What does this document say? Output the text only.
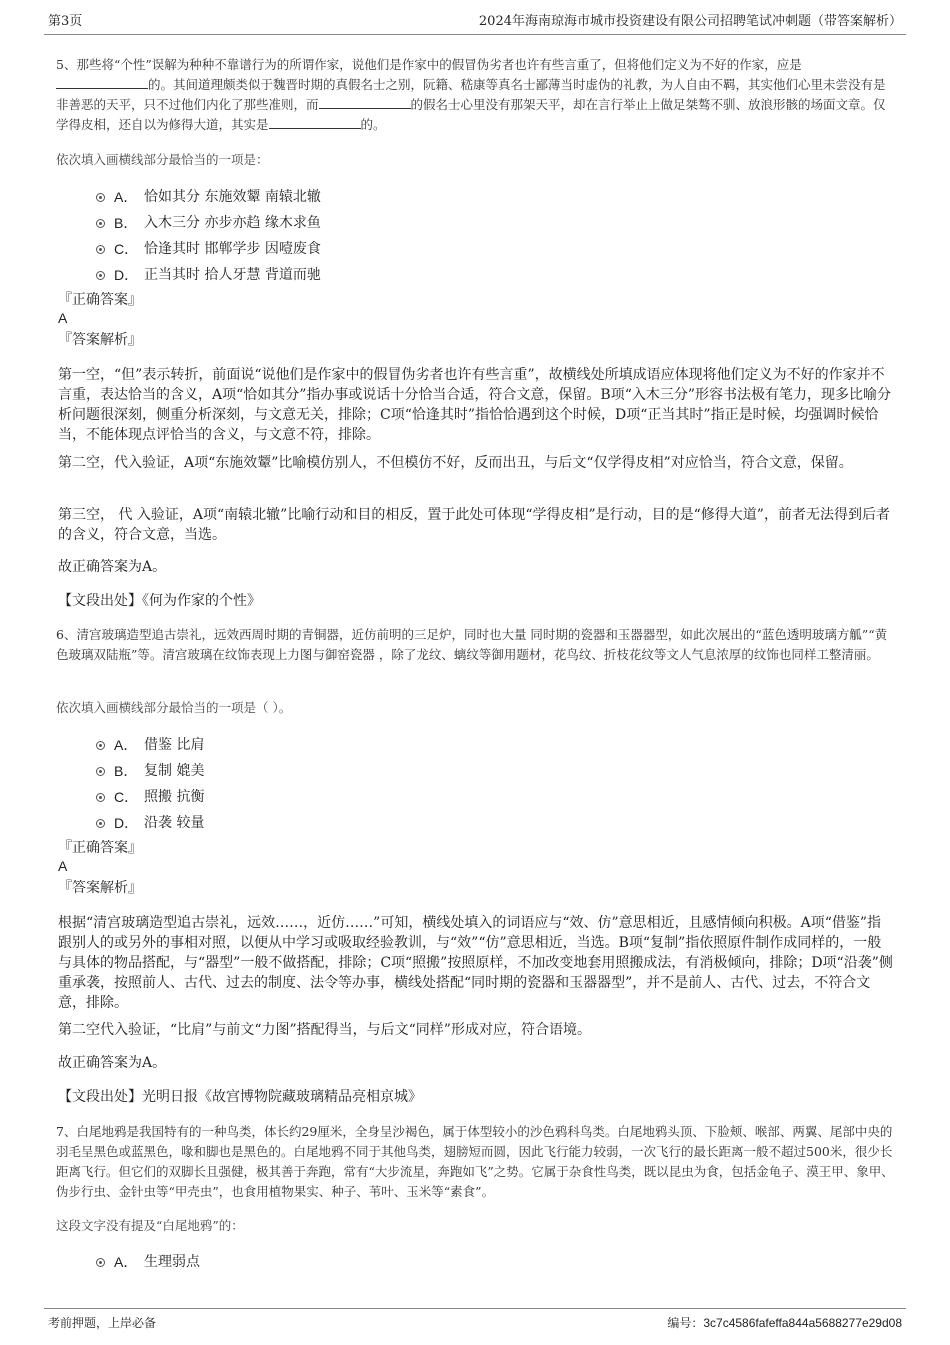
第3页	2024年海南琼海市城市投资建设有限公司招聘笔试冲刺题（带答案解析）

5、那些将“个性”误解为种种不靠谱行为的所谓作家，说他们是作家中的假冒伪劣者也许有些言重了，但将他们定义为不好的作家，应是
的。其间道理颇类似于魏晋时期的真假名士之别，阮籍、嵇康等真名士鄙薄当时虚伪的礼教，为人自由不羁，其实他们心里未尝没有是非善恶的天平，只不过他们内化了那些准则，而	的假名士心里没有那架天平，却在言行举止上做足桀骜不驯、放浪形骸的场面文章。仅学得皮相，还自以为修得大道，其实是	的。

依次填入画横线部分最恰当的一项是：

A． 恰如其分 东施效颦 南辕北辙
B． 入木三分 亦步亦趋 缘木求鱼
C． 恰逢其时 邯郸学步 因噎废食
D． 正当其时 拾人牙慧 背道而驰

『正确答案』

A

『答案解析』

第一空，“但”表示转折，前面说“说他们是作家中的假冒伪劣者也许有些言重”，故横线处所填成语应体现将他们定义为不好的作家并不言重，表达恰当的含义，A项“恰如其分”指办事或说话十分恰当合适，符合文意，保留。B项“入木三分”形容书法极有笔力，现多比喻分析问题很深刻，侧重分析深刻，与文意无关，排除；C项“恰逢其时”指恰恰遇到这个时候，D项“正当其时”指正是时候，均强调时候恰当，不能体现点评恰当的含义，与文意不符，排除。

第二空，代入验证，A项“东施效颦”比喻模仿别人，不但模仿不好，反而出丑，与后文“仅学得皮相”对应恰当，符合文意，保留。

第三空， 代 入验证，A项“南辕北辙”比喻行动和目的相反，置于此处可体现“学得皮相”是行动，目的是“修得大道”，前者无法得到后者的含义，符合文意，当选。

故正确答案为A。

【文段出处】《何为作家的个性》

6、清宫玻璃造型追古崇礼，远效西周时期的青铜器，近仿前明的三足炉，同时也大量 同时期的瓷器和玉器器型，如此次展出的“蓝色透明玻璃方觚”“黄色玻璃双陆瓶”等。清宫玻璃在纹饰表现上力图与御窑瓷器 ，除了龙纹、螭纹等御用题材，花鸟纹、折枝花纹等文人气息浓厚的纹饰也同样工整清丽。

依次填入画横线部分最恰当的一项是（ ）。

A． 借鉴 比肩
B． 复制 媲美
C． 照搬 抗衡
D． 沿袭 较量

『正确答案』

A

『答案解析』

根据“清宫玻璃造型追古崇礼，远效……，近仿……”可知，横线处填入的词语应与“效、仿”意思相近，且感情倾向积极。A项“借鉴”指跟别人的或另外的事相对照，以便从中学习或吸取经验教训，与“效”“仿”意思相近，当选。B项“复制”指依照原件制作成同样的，一般与具体的物品搭配，与“器型”一般不做搭配，排除；C项“照搬”按照原样，不加改变地套用照搬成法，有消极倾向，排除；D项“沿袭”侧重承袭，按照前人、古代、过去的制度、法令等办事，横线处搭配“同时期的瓷器和玉器器型”，并不是前人、古代、过去，不符合文意，排除。

第二空代入验证，“比肩”与前文“力图”搭配得当，与后文“同样”形成对应，符合语境。

故正确答案为A。

【文段出处】光明日报《故宫博物院藏玻璃精品亮相京城》

7、白尾地鸦是我国特有的一种鸟类，体长约29厘米，全身呈沙褐色，属于体型较小的沙色鸦科鸟类。白尾地鸦头顶、下脸颊、喉部、两翼、尾部中央的羽毛呈黑色或蓝黑色，喙和脚也是黑色的。白尾地鸦不同于其他鸟类，翅膀短而圆，因此飞行能力较弱，一次飞行的最长距离一般不超过500米，很少长距离飞行。但它们的双脚长且强健，极其善于奔跑，常有“大步流星，奔跑如飞”之势。它属于杂食性鸟类，既以昆虫为食，包括金龟子、漠王甲、象甲、伪步行虫、金针虫等“甲壳虫”，也食用植物果实、种子、苇叶、玉米等“素食”。

这段文字没有提及“白尾地鸦”的：

A． 生理弱点
考前押题，上岸必备	编号：3c7c4586fafeffa844a5688277e29d08
